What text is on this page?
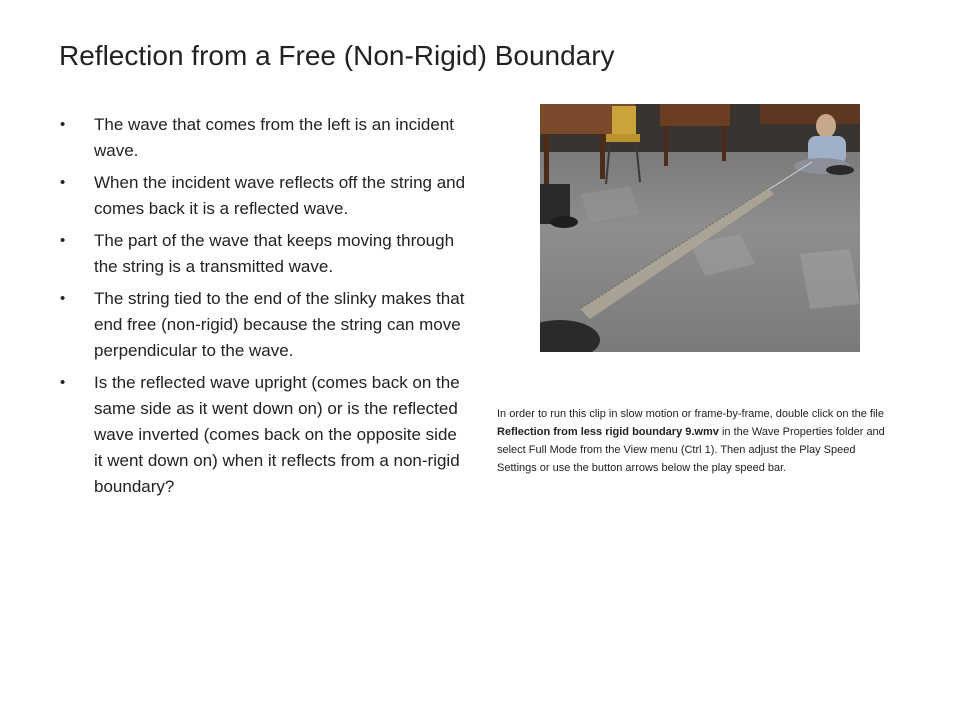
Reflection from a Free (Non-Rigid) Boundary
• The wave that comes from the left is an incident wave.
• When the incident wave reflects off the string and comes back it is a reflected wave.
• The part of the wave that keeps moving through the string is a transmitted wave.
• The string tied to the end of the slinky makes that end free (non-rigid) because the string can move perpendicular to the wave.
• Is the reflected wave upright (comes back on the same side as it went down on) or is the reflected wave inverted (comes back on the opposite side it went down on) when it reflects from a non-rigid boundary?
In order to run this clip in slow motion or frame-by-frame, double click on the file Reflection from less rigid boundary 9.wmv in the Wave Properties folder and select Full Mode from the View menu (Ctrl 1). Then adjust the Play Speed Settings or use the button arrows below the play speed bar.
